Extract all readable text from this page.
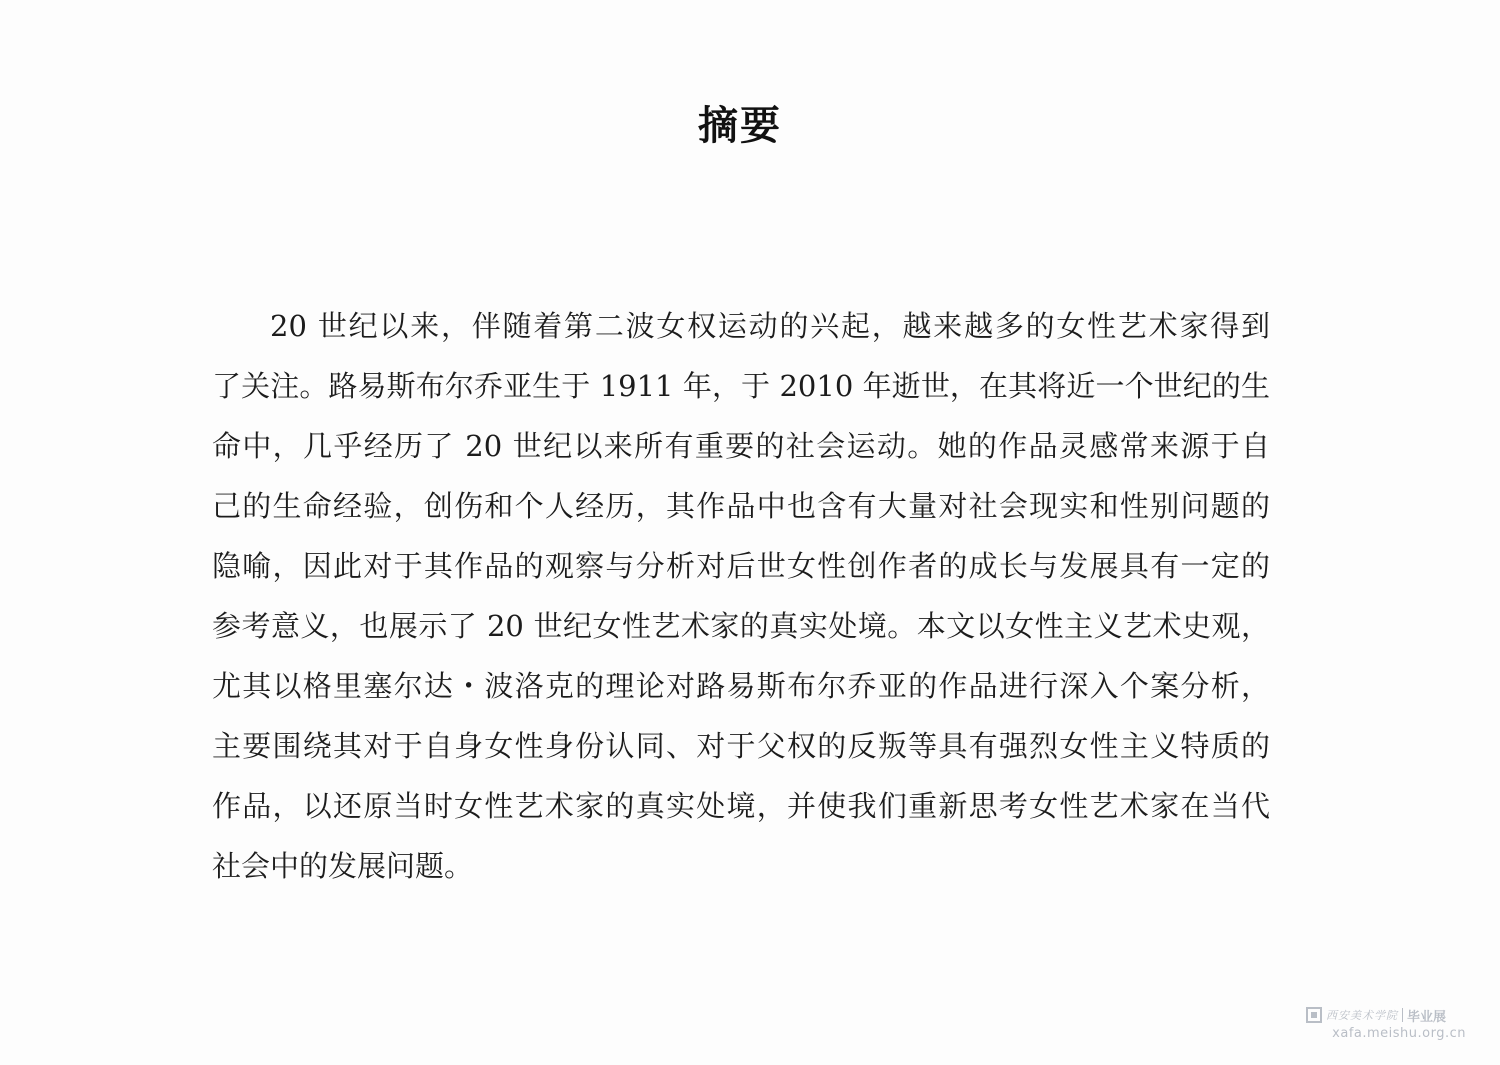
摘要
20 世纪以来，伴随着第二波女权运动的兴起，越来越多的女性艺术家得到
了关注。路易斯布尔乔亚生于 1911 年，于 2010 年逝世，在其将近一个世纪的生
命中，几乎经历了 20 世纪以来所有重要的社会运动。她的作品灵感常来源于自
己的生命经验，创伤和个人经历，其作品中也含有大量对社会现实和性别问题的
隐喻，因此对于其作品的观察与分析对后世女性创作者的成长与发展具有一定的
参考意义，也展示了 20 世纪女性艺术家的真实处境。本文以女性主义艺术史观，
尤其以格里塞尔达・波洛克的理论对路易斯布尔乔亚的作品进行深入个案分析，
主要围绕其对于自身女性身份认同、对于父权的反叛等具有强烈女性主义特质的
作品，以还原当时女性艺术家的真实处境，并使我们重新思考女性艺术家在当代
社会中的发展问题。
西安美术学院 毕业展
xafa.meishu.org.cn
